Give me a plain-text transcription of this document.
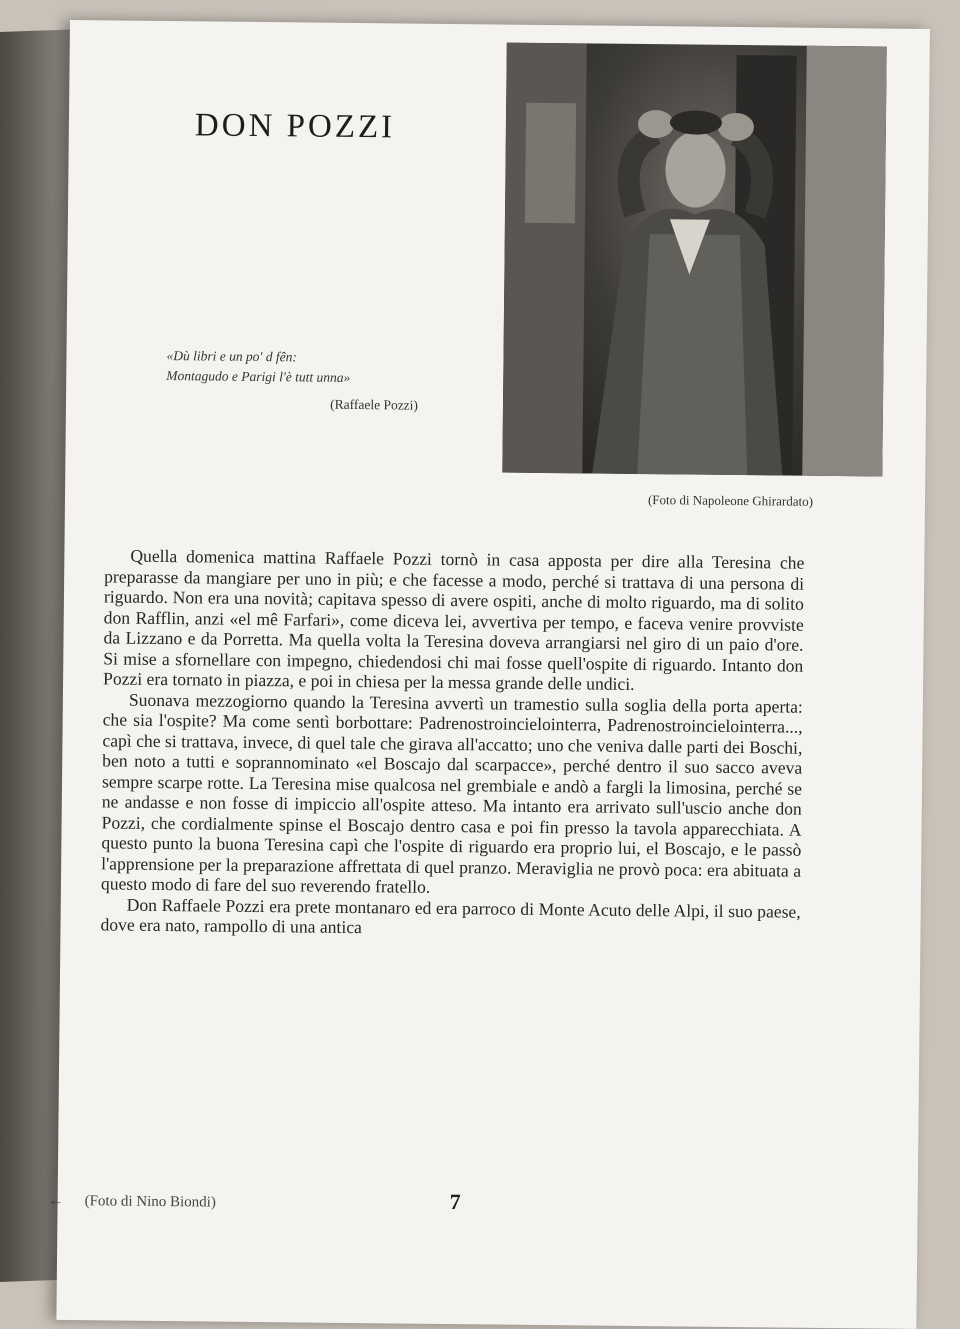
DON POZZI
«Dù libri e un po' d fên:
Montagudo e Parigi l'è tutt unna»
(Raffaele Pozzi)
(Foto di Napoleone Ghirardato)

Quella domenica mattina Raffaele Pozzi tornò in casa apposta per dire alla Teresina che preparasse da mangiare per uno in più; e che facesse a modo, perché si trattava di una persona di riguardo. Non era una novità; capitava spesso di avere ospiti, anche di molto riguardo, ma di solito don Rafflin, anzi «el mê Farfari», come diceva lei, avvertiva per tempo, e faceva venire provviste da Lizzano e da Porretta. Ma quella volta la Teresina doveva arrangiarsi nel giro di un paio d'ore. Si mise a sfornellare con impegno, chiedendosi chi mai fosse quell'ospite di riguardo. Intanto don Pozzi era tornato in piazza, e poi in chiesa per la messa grande delle undici.

Suonava mezzogiorno quando la Teresina avvertì un tramestio sulla soglia della porta aperta: che sia l'ospite? Ma come sentì borbottare: Padrenostroincielointerra, Padrenostroincielointerra..., capì che si trattava, invece, di quel tale che girava all'accatto; uno che veniva dalle parti dei Boschi, ben noto a tutti e soprannominato «el Boscajo dal scarpacce», perché dentro il suo sacco aveva sempre scarpe rotte. La Teresina mise qualcosa nel grembiale e andò a fargli la limosina, perché se ne andasse e non fosse di impiccio all'ospite atteso. Ma intanto era arrivato sull'uscio anche don Pozzi, che cordialmente spinse el Boscajo dentro casa e poi fin presso la tavola apparecchiata. A questo punto la buona Teresina capì che l'ospite di riguardo era proprio lui, el Boscajo, e le passò l'apprensione per la preparazione affrettata di quel pranzo. Meraviglia ne provò poca: era abituata a questo modo di fare del suo reverendo fratello.

Don Raffaele Pozzi era prete montanaro ed era parroco di Monte Acuto delle Alpi, il suo paese, dove era nato, rampollo di una antica

← (Foto di Nino Biondi)	7
